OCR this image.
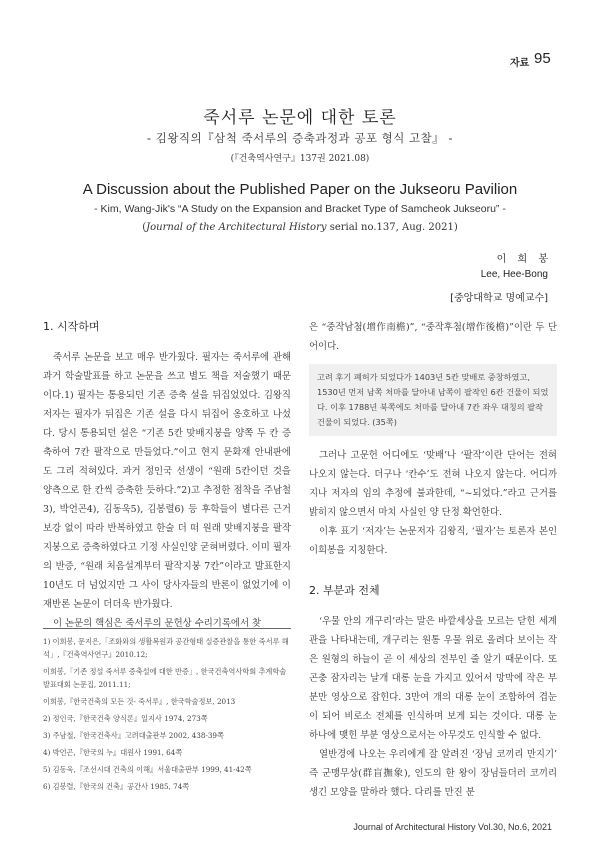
자료 95
죽서루 논문에 대한 토론
- 김왕직의『삼척 죽서루의 증축과정과 공포 형식 고찰』 -
(『건축역사연구』137권 2021.08)
A Discussion about the Published Paper on the Jukseoru Pavilion
- Kim, Wang-Jik's “A Study on the Expansion and Bracket Type of Samcheok Jukseoru” -
(Journal of the Architectural History serial no.137, Aug. 2021)
이 희 봉
Lee, Hee-Bong
[중앙대학교 명예교수]
1. 시작하며

죽서루 논문을 보고 매우 반가웠다. 필자는 죽서루에 관해 과거 학술발표를 하고 논문을 쓰고 별도 책을 저술했기 때문이다.1) 필자는 통용되던 기존 증축 설을 뒤집었었다. 김왕직 저자는 필자가 뒤집은 기존 설을 다시 뒤집어 옹호하고 나섰다. 당시 통용되던 설은 “기존 5칸 맞배지붕을 양쪽 두 칸 증축하여 7칸 팔작으로 만들었다.”이고 현지 문화재 안내판에도 그리 적혀있다. 과거 정인국 선생이 “원래 5칸이던 것을 양측으로 한 칸씩 증축한 듯하다.”2)고 추정한 점착을 주남철3), 박언곤4), 김동욱5), 김봉렬6) 등 후학들이 별다른 근거 보강 없이 따라 반복하였고 한술 더 떠 원래 맞배지붕을 팔작지붕으로 증축하였다고 기정 사실인양 굳혀버렸다. 이미 필자의 반증, “원래 처음설계부터 팔작지붕 7칸”이라고 발표한지 10년도 더 넘었지만 그 사이 당사자들의 반론이 없었기에 이 재반론 논문이 더더욱 반가웠다.

이 논문의 핵심은 죽서루의 문헌상 수리기록에서 찾

1) 이희봉, 문지은,「조화와의 생활복원과 공간형태 실증관찰을 통한 죽서루 해석」,『건축역사연구』2010.12;

이희봉,「기존 정설 죽서루 증축설에 대한 반증」, 한국건축역사학회 추계학술발표대회 논문집, 2011.11;

이희봉,『한국건축의 모든 것- 죽서루』, 한국학술정보, 2013

2) 정인국,『한국건축 양식론』일지사 1974, 273쪽

3) 주남철,『한국건축사』고려대출판부 2002, 438-39쪽

4) 박언곤,『한국의 누』대원사 1991, 64쪽

5) 김동욱,『조선시대 건축의 이해』서울대출판부 1999, 41-42쪽

6) 김봉렬,『한국의 건축』공간사 1985, 74쪽

은 “중작남첨(增作南檐)”, “중작후첨(增作後檐)”이란 두 단어이다.

고려 후기 폐허가 되었다가 1403년 5칸 맞배로 중창하였고, 1530년 먼저 남쪽 처마를 달아내 남쪽이 팔작인 6칸 건물이 되었다. 이후 1788년 북쪽에도 처마를 달아내 7칸 좌우 대칭의 팔작건물이 되었다. (35쪽)

그러나 고문헌 어디에도 ‘맞배’나 ‘팔작’이란 단어는 전혀 나오지 않는다. 더구나 ‘칸수’도 전혀 나오지 않는다. 어디까지나 저자의 임의 추정에 불과한데, “~되었다.”라고 근거를 밝히지 않으면서 마치 사실인 양 단정 확언한다.

이후 표기 ‘저자’는 논문저자 김왕직, ‘필자’는 토론자 본인 이희봉을 지칭한다.

2. 부분과 전체

‘우물 안의 개구리’라는 말은 바깥세상을 모르는 닫힌 세계관을 나타내는데, 개구리는 원통 우물 위로 올려다 보이는 작은 원형의 하늘이 곧 이 세상의 전부인 줄 알기 때문이다. 또 곤충 잠자리는 날개 대롱 눈을 가지고 있어서 망막에 작은 부분만 영상으로 잡힌다. 3만여 개의 대롱 눈이 조합하여 겹눈이 되어 비로소 전체를 인식하며 보게 되는 것이다. 대롱 눈 하나에 맺힌 부분 영상으로서는 아무것도 인식할 수 없다.

열반경에 나오는 우리에게 잘 알려진 ‘장님 코끼리 만지기’ 즉 군맹무상(群盲撫象), 인도의 한 왕이 장님들더러 코끼리 생긴 모양을 말하라 했다. 다리를 만진 분

Journal of Architectural History Vol.30, No.6, 2021
